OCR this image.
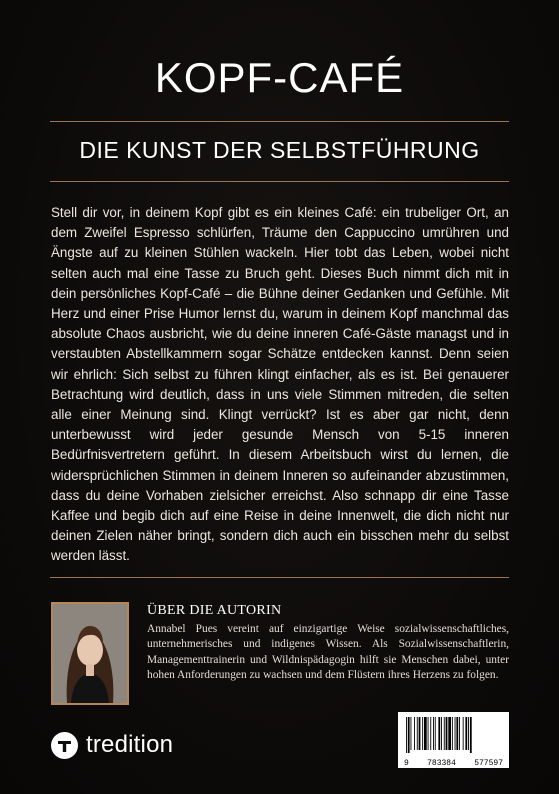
KOPF-CAFÉ
DIE KUNST DER SELBSTFÜHRUNG

Stell dir vor, in deinem Kopf gibt es ein kleines Café: ein trubeliger Ort, an dem Zweifel Espresso schlürfen, Träume den Cappuccino umrühren und Ängste auf zu kleinen Stühlen wackeln. Hier tobt das Leben, wobei nicht selten auch mal eine Tasse zu Bruch geht. Dieses Buch nimmt dich mit in dein persönliches Kopf-Café – die Bühne deiner Gedanken und Gefühle. Mit Herz und einer Prise Humor lernst du, warum in deinem Kopf manchmal das absolute Chaos ausbricht, wie du deine inneren Café-Gäste managst und in verstaubten Abstellkammern sogar Schätze entdecken kannst. Denn seien wir ehrlich: Sich selbst zu führen klingt einfacher, als es ist. Bei genauerer Betrachtung wird deutlich, dass in uns viele Stimmen mitreden, die selten alle einer Meinung sind. Klingt verrückt? Ist es aber gar nicht, denn unterbewusst wird jeder gesunde Mensch von 5-15 inneren Bedürfnisvertretern geführt. In diesem Arbeitsbuch wirst du lernen, die widersprüchlichen Stimmen in deinem Inneren so aufeinander abzustimmen, dass du deine Vorhaben zielsicher erreichst. Also schnapp dir eine Tasse Kaffee und begib dich auf eine Reise in deine Innenwelt, die dich nicht nur deinen Zielen näher bringt, sondern dich auch ein bisschen mehr du selbst werden lässt.

ÜBER DIE AUTORIN

Annabel Pues vereint auf einzigartige Weise sozialwissenschaftliches, unternehmerisches und indigenes Wissen. Als Sozialwissenschaftlerin, Managementtrainerin und Wildnispädagogin hilft sie Menschen dabei, unter hohen Anforderungen zu wachsen und dem Flüstern ihres Herzens zu folgen.

tredition
9 783384 577597
